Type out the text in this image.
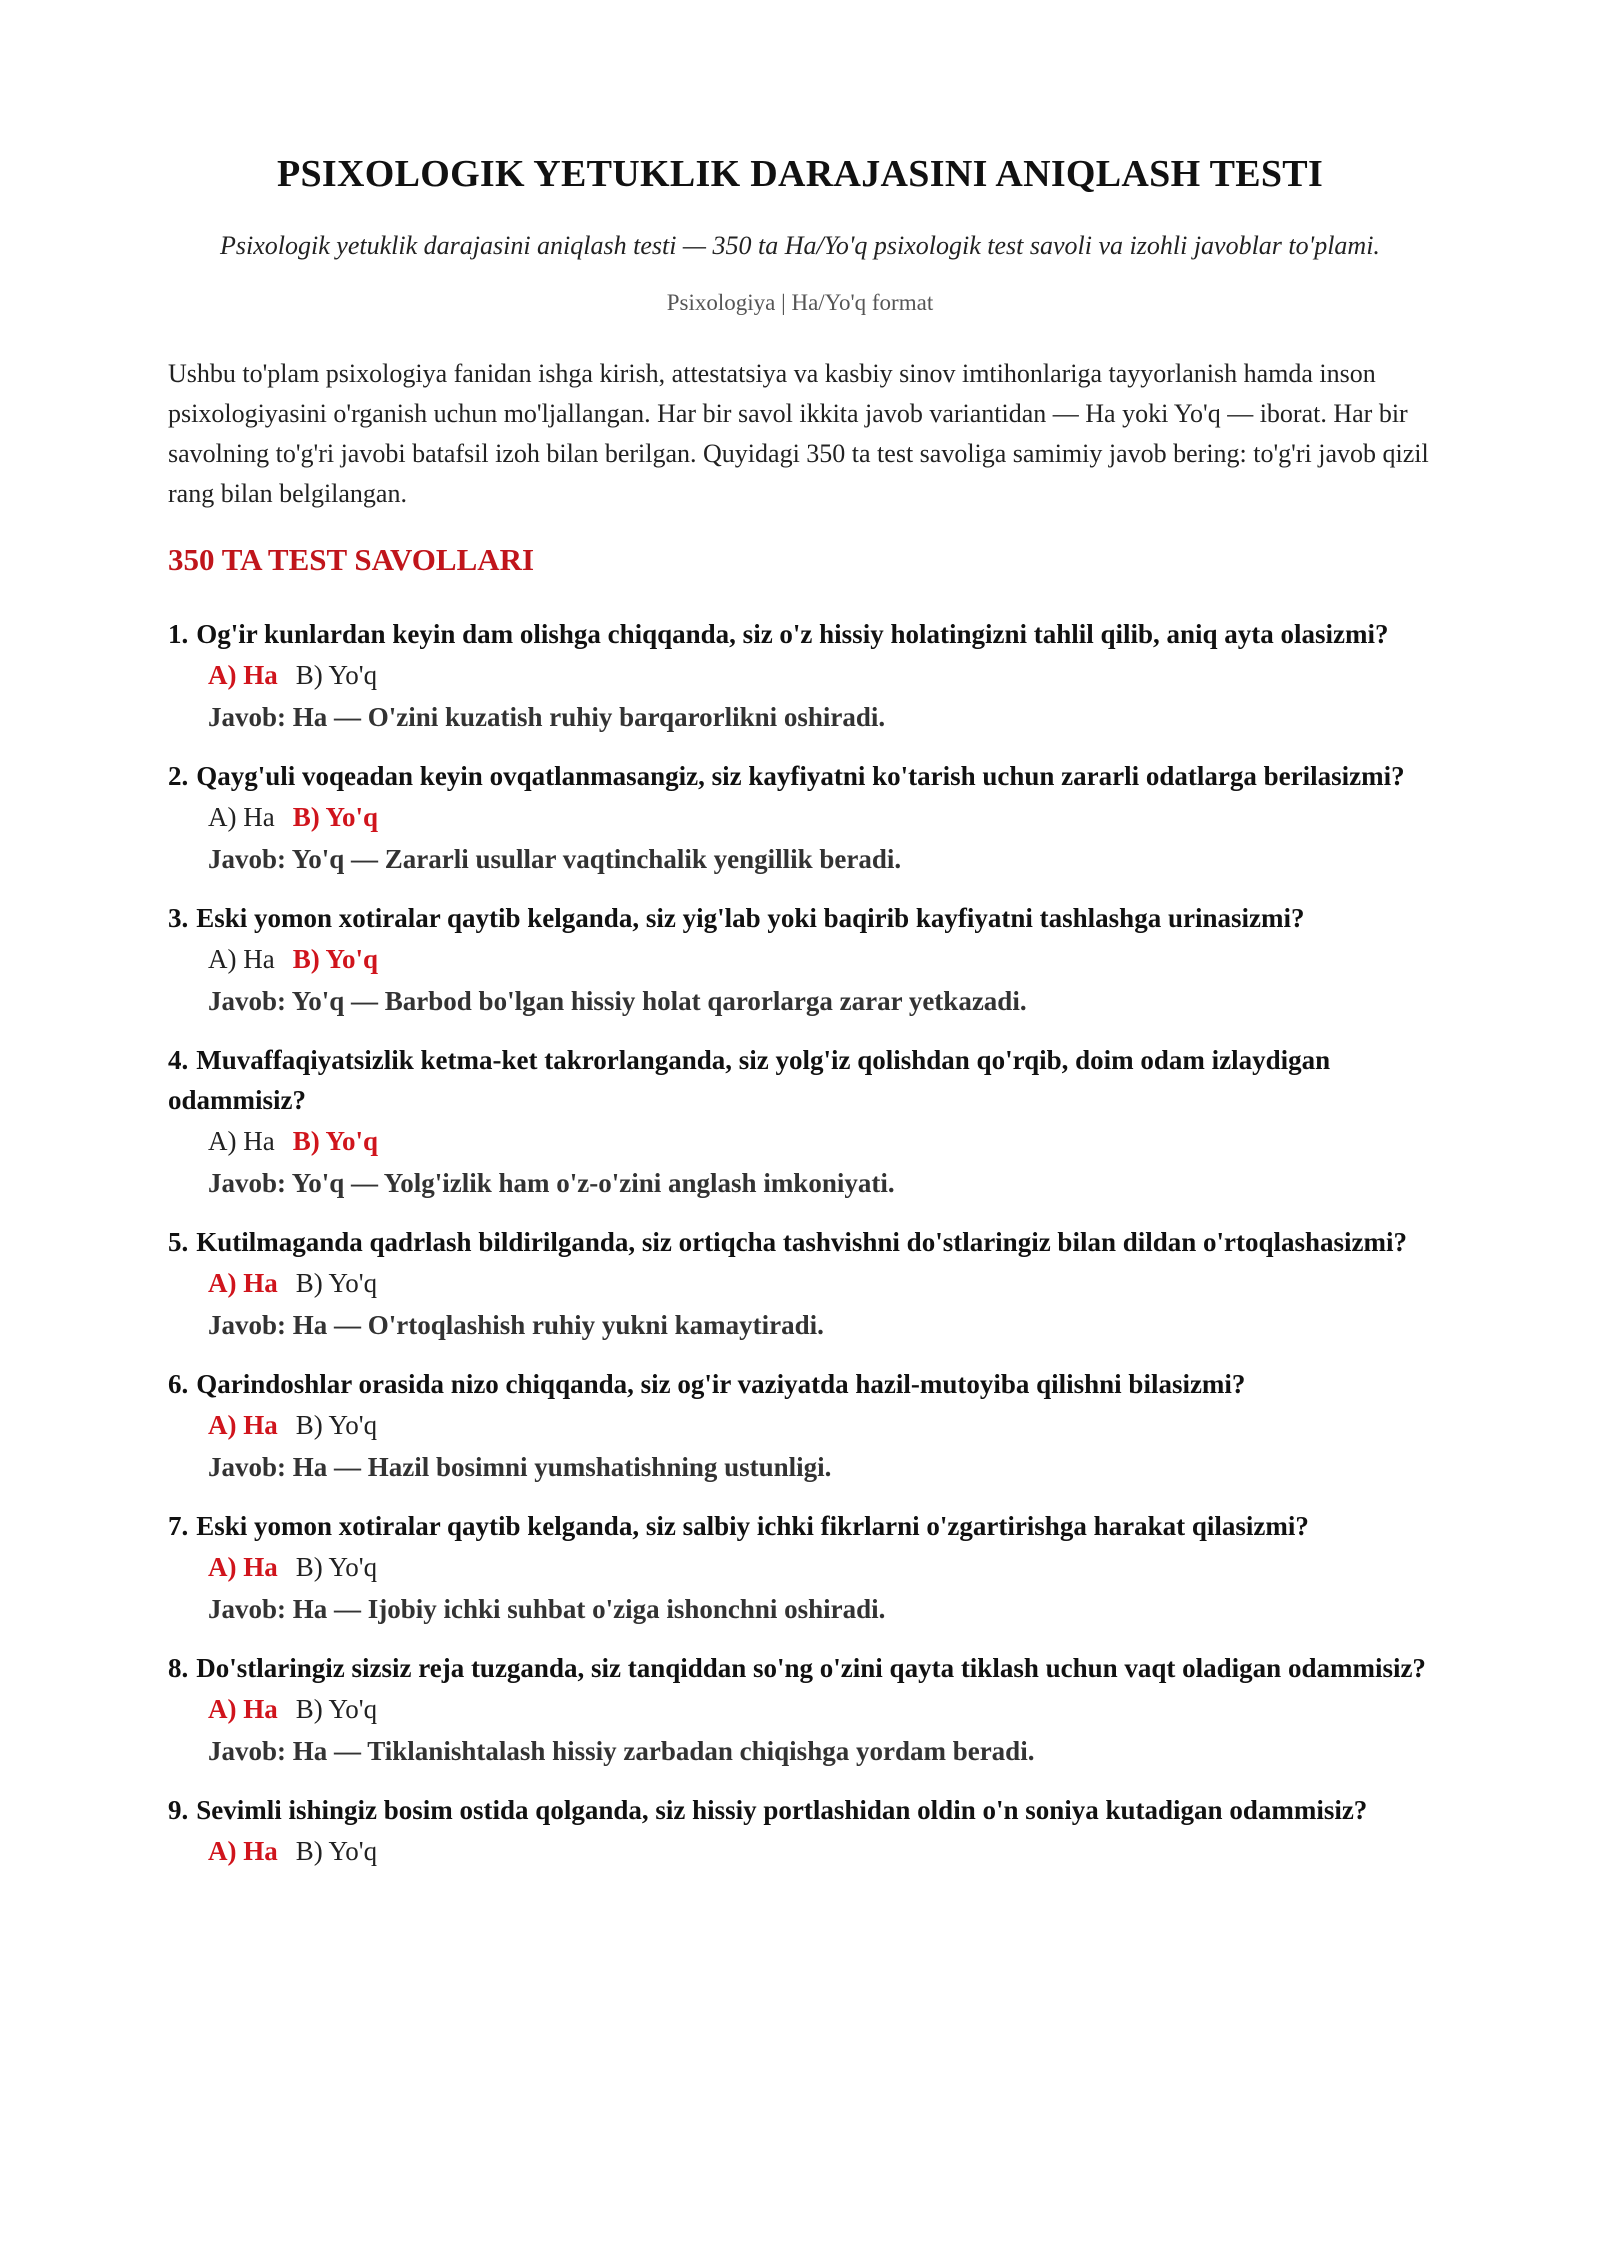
PSIXOLOGIK YETUKLIK DARAJASINI ANIQLASH TESTI

Psixologik yetuklik darajasini aniqlash testi — 350 ta Ha/Yo'q psixologik test savoli va izohli javoblar to'plami.

Psixologiya | Ha/Yo'q format

Ushbu to'plam psixologiya fanidan ishga kirish, attestatsiya va kasbiy sinov imtihonlariga tayyorlanish hamda inson psixologiyasini o'rganish uchun mo'ljallangan. Har bir savol ikkita javob variantidan — Ha yoki Yo'q — iborat. Har bir savolning to'g'ri javobi batafsil izoh bilan berilgan. Quyidagi 350 ta test savoliga samimiy javob bering: to'g'ri javob qizil rang bilan belgilangan.

350 TA TEST SAVOLLARI
1. Og'ir kunlardan keyin dam olishga chiqqanda, siz o'z hissiy holatingizni tahlil qilib, aniq ayta olasizmi?
A) Ha B) Yo'q
Javob: Ha — O'zini kuzatish ruhiy barqarorlikni oshiradi.
2. Qayg'uli voqeadan keyin ovqatlanmasangiz, siz kayfiyatni ko'tarish uchun zararli odatlarga berilasizmi?
A) Ha B) Yo'q
Javob: Yo'q — Zararli usullar vaqtinchalik yengillik beradi.
3. Eski yomon xotiralar qaytib kelganda, siz yig'lab yoki baqirib kayfiyatni tashlashga urinasizmi?
A) Ha B) Yo'q
Javob: Yo'q — Barbod bo'lgan hissiy holat qarorlarga zarar yetkazadi.
4. Muvaffaqiyatsizlik ketma-ket takrorlanganda, siz yolg'iz qolishdan qo'rqib, doim odam izlaydigan odammisiz?
A) Ha B) Yo'q
Javob: Yo'q — Yolg'izlik ham o'z-o'zini anglash imkoniyati.
5. Kutilmaganda qadrlash bildirilganda, siz ortiqcha tashvishni do'stlaringiz bilan dildan o'rtoqlashasizmi?
A) Ha B) Yo'q
Javob: Ha — O'rtoqlashish ruhiy yukni kamaytiradi.
6. Qarindoshlar orasida nizo chiqqanda, siz og'ir vaziyatda hazil-mutoyiba qilishni bilasizmi?
A) Ha B) Yo'q
Javob: Ha — Hazil bosimni yumshatishning ustunligi.
7. Eski yomon xotiralar qaytib kelganda, siz salbiy ichki fikrlarni o'zgartirishga harakat qilasizmi?
A) Ha B) Yo'q
Javob: Ha — Ijobiy ichki suhbat o'ziga ishonchni oshiradi.
8. Do'stlaringiz sizsiz reja tuzganda, siz tanqiddan so'ng o'zini qayta tiklash uchun vaqt oladigan odammisiz?
A) Ha B) Yo'q
Javob: Ha — Tiklanishtalash hissiy zarbadan chiqishga yordam beradi.
9. Sevimli ishingiz bosim ostida qolganda, siz hissiy portlashidan oldin o'n soniya kutadigan odammisiz?
A) Ha B) Yo'q
